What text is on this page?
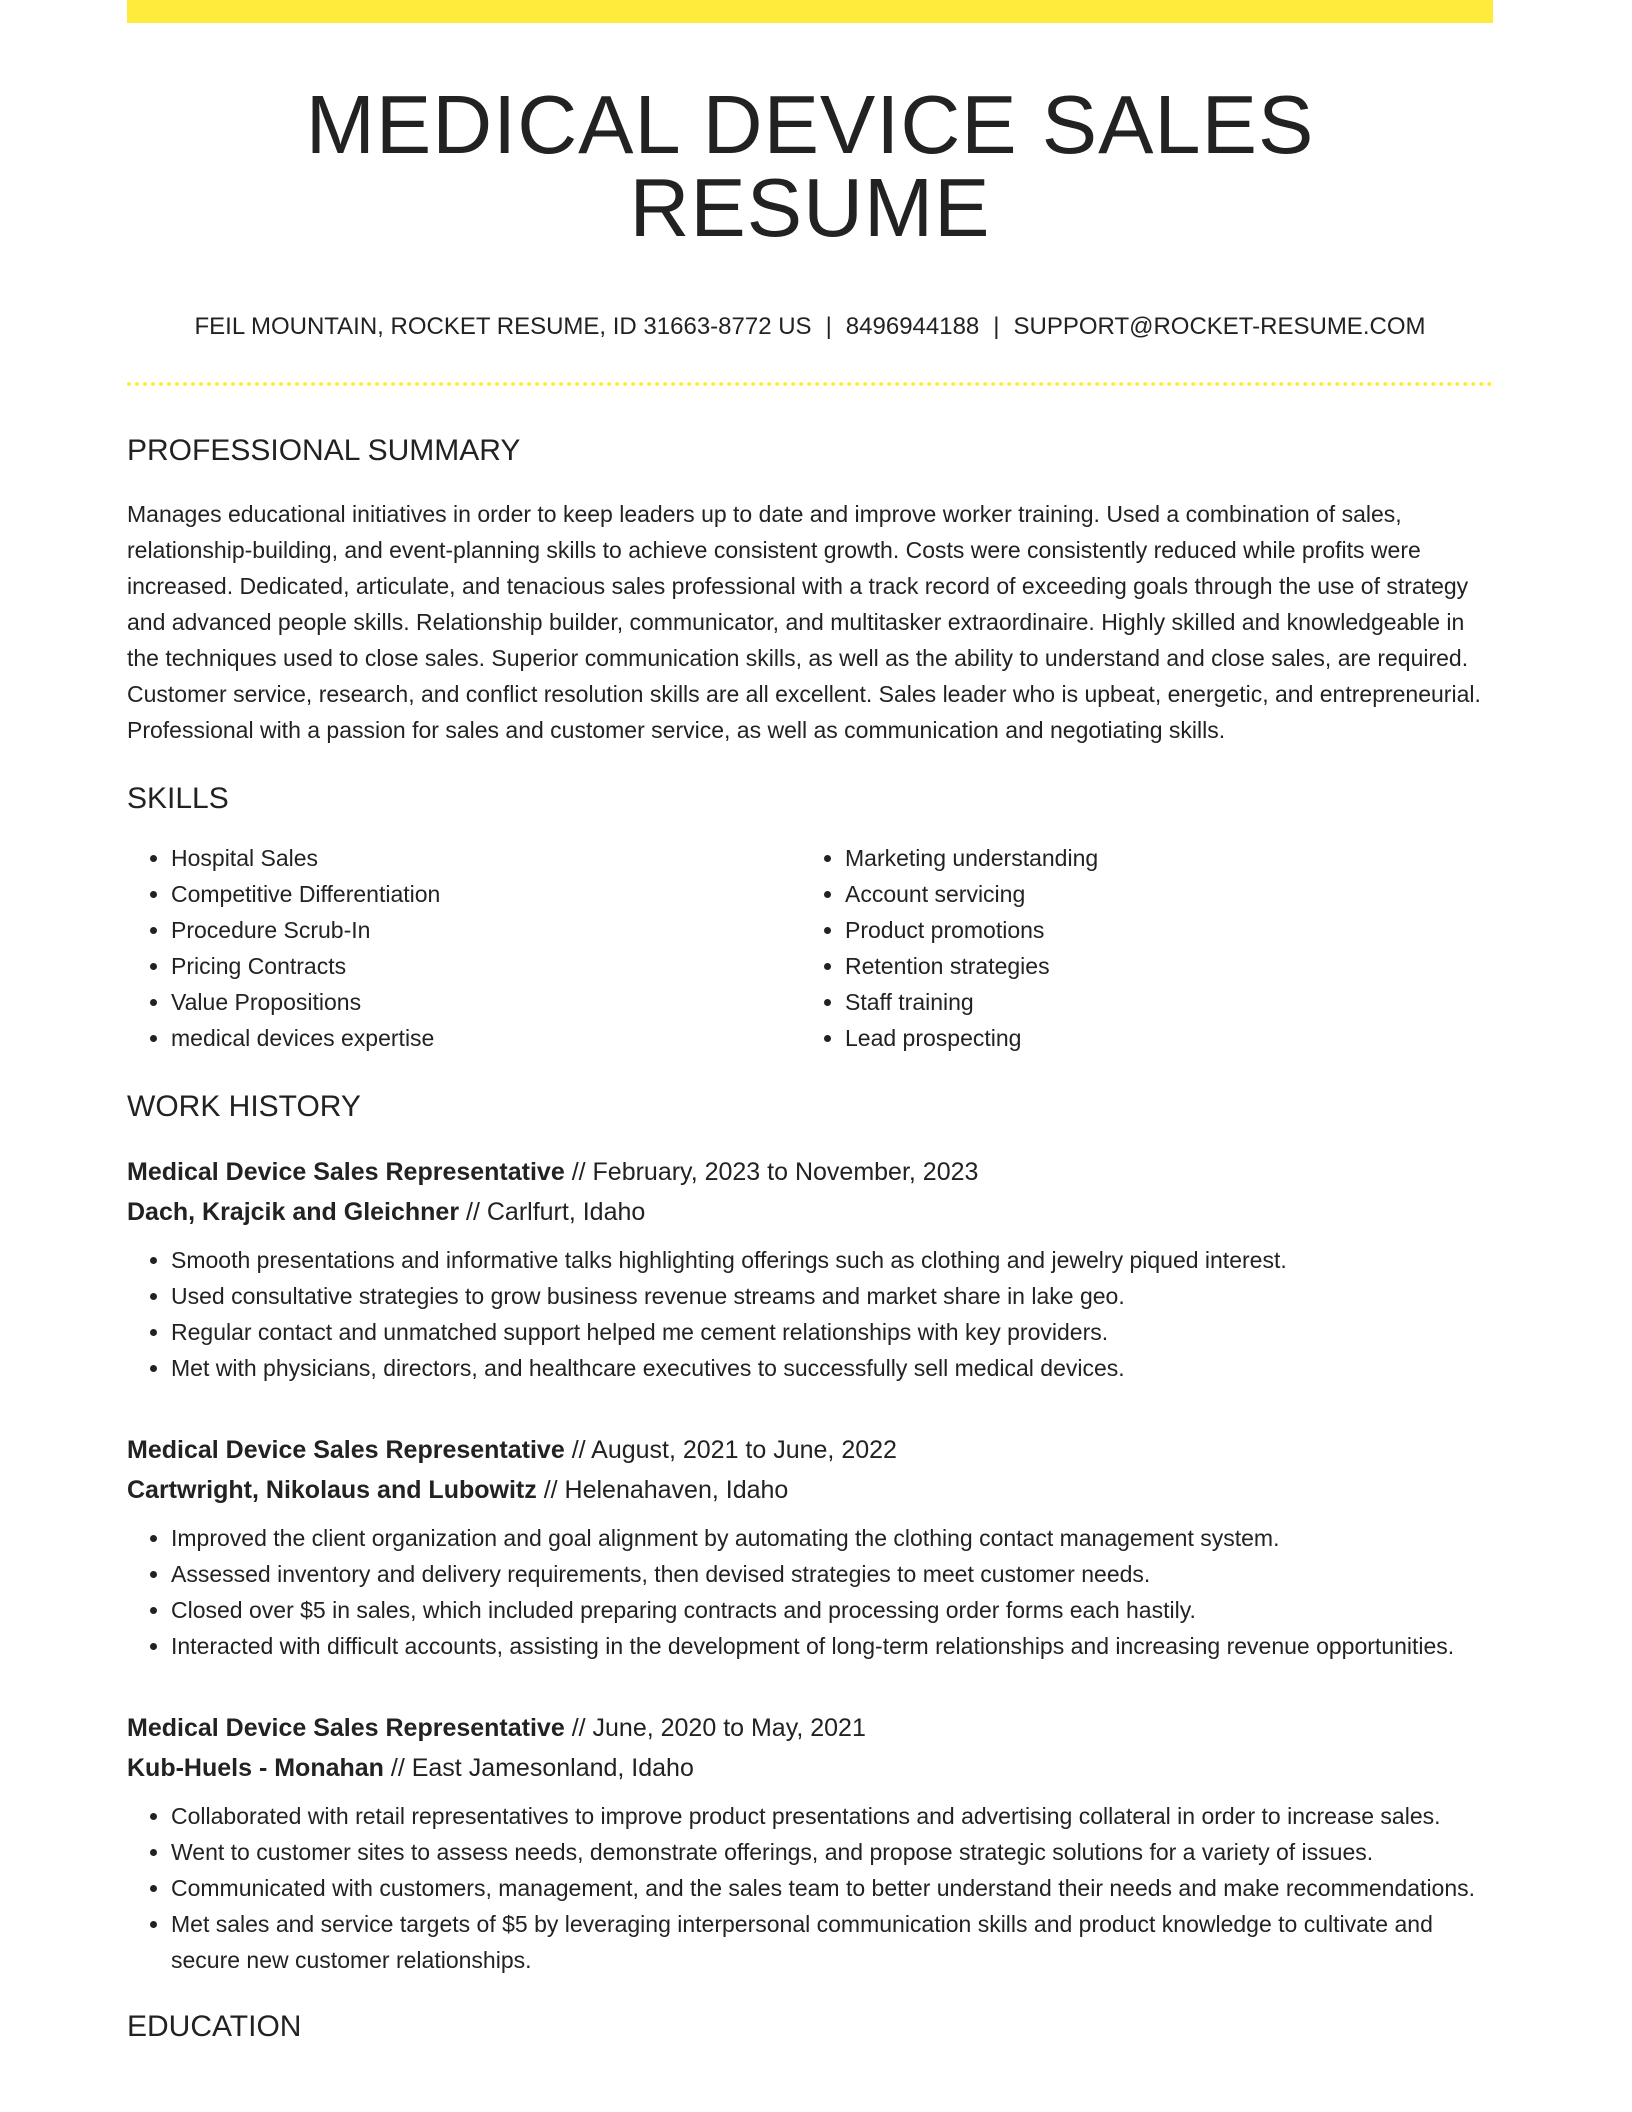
MEDICAL DEVICE SALES RESUME
FEIL MOUNTAIN, ROCKET RESUME, ID 31663-8772 US | 8496944188 | SUPPORT@ROCKET-RESUME.COM
PROFESSIONAL SUMMARY
Manages educational initiatives in order to keep leaders up to date and improve worker training. Used a combination of sales, relationship-building, and event-planning skills to achieve consistent growth. Costs were consistently reduced while profits were increased. Dedicated, articulate, and tenacious sales professional with a track record of exceeding goals through the use of strategy and advanced people skills. Relationship builder, communicator, and multitasker extraordinaire. Highly skilled and knowledgeable in the techniques used to close sales. Superior communication skills, as well as the ability to understand and close sales, are required. Customer service, research, and conflict resolution skills are all excellent. Sales leader who is upbeat, energetic, and entrepreneurial. Professional with a passion for sales and customer service, as well as communication and negotiating skills.
SKILLS
• Hospital Sales
• Competitive Differentiation
• Procedure Scrub-In
• Pricing Contracts
• Value Propositions
• medical devices expertise
• Marketing understanding
• Account servicing
• Product promotions
• Retention strategies
• Staff training
• Lead prospecting
WORK HISTORY
Medical Device Sales Representative // February, 2023 to November, 2023
Dach, Krajcik and Gleichner // Carlfurt, Idaho
• Smooth presentations and informative talks highlighting offerings such as clothing and jewelry piqued interest.
• Used consultative strategies to grow business revenue streams and market share in lake geo.
• Regular contact and unmatched support helped me cement relationships with key providers.
• Met with physicians, directors, and healthcare executives to successfully sell medical devices.
Medical Device Sales Representative // August, 2021 to June, 2022
Cartwright, Nikolaus and Lubowitz // Helenahaven, Idaho
• Improved the client organization and goal alignment by automating the clothing contact management system.
• Assessed inventory and delivery requirements, then devised strategies to meet customer needs.
• Closed over $5 in sales, which included preparing contracts and processing order forms each hastily.
• Interacted with difficult accounts, assisting in the development of long-term relationships and increasing revenue opportunities.
Medical Device Sales Representative // June, 2020 to May, 2021
Kub-Huels - Monahan // East Jamesonland, Idaho
• Collaborated with retail representatives to improve product presentations and advertising collateral in order to increase sales.
• Went to customer sites to assess needs, demonstrate offerings, and propose strategic solutions for a variety of issues.
• Communicated with customers, management, and the sales team to better understand their needs and make recommendations.
• Met sales and service targets of $5 by leveraging interpersonal communication skills and product knowledge to cultivate and secure new customer relationships.
EDUCATION
